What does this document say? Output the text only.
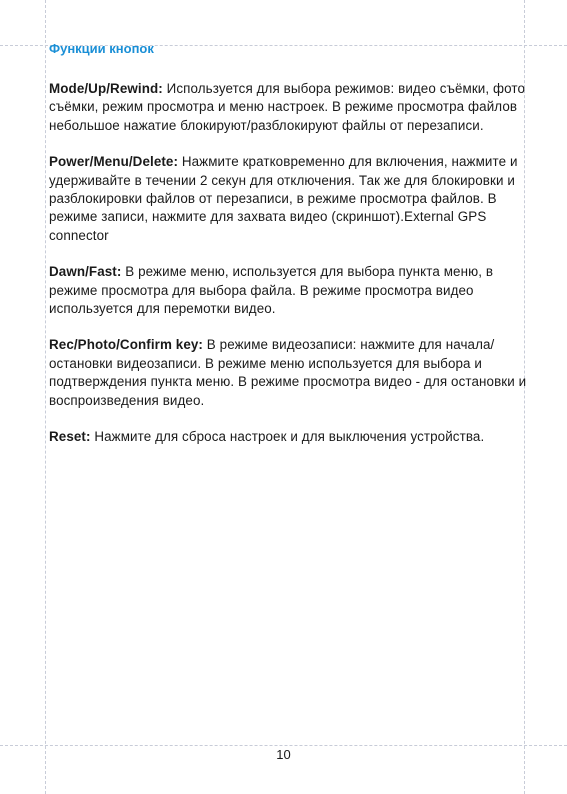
Функции кнопок

Mode/Up/Rewind: Используется для выбора режимов: видео съёмки, фото съёмки, режим просмотра и меню настроек. В режиме просмотра файлов небольшое нажатие блокируют/разблокируют файлы от перезаписи.

Power/Menu/Delete: Нажмите кратковременно для включения, нажмите и удерживайте в течении 2 секун для отключения. Так же для блокировки и разблокировки файлов от перезаписи, в режиме просмотра файлов. В режиме записи, нажмите для захвата видео (скриншот).External GPS connector

Dawn/Fast: В режиме меню, используется для выбора пункта меню, в режиме просмотра для выбора файла. В режиме просмотра видео используется для перемотки видео.

Rec/Photo/Confirm key: В режиме видеозаписи: нажмите для начала/остановки видеозаписи. В режиме меню используется для выбора и подтверждения пункта меню. В режиме просмотра видео - для остановки и воспроизведения видео.

Reset: Нажмите для сброса настроек и для выключения устройства.

10
